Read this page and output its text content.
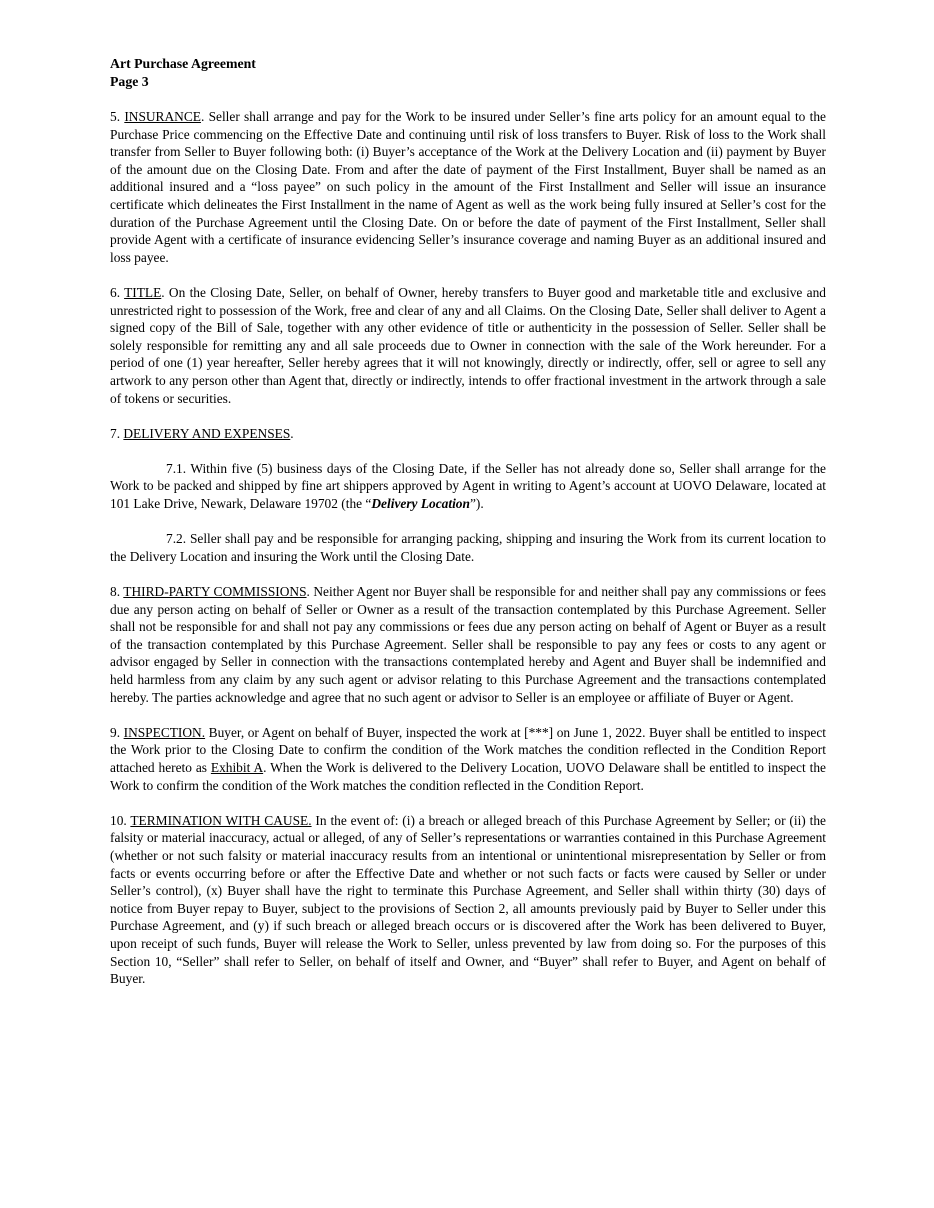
Art Purchase Agreement
Page 3

5. INSURANCE. Seller shall arrange and pay for the Work to be insured under Seller’s fine arts policy for an amount equal to the Purchase Price commencing on the Effective Date and continuing until risk of loss transfers to Buyer. Risk of loss to the Work shall transfer from Seller to Buyer following both: (i) Buyer’s acceptance of the Work at the Delivery Location and (ii) payment by Buyer of the amount due on the Closing Date. From and after the date of payment of the First Installment, Buyer shall be named as an additional insured and a “loss payee” on such policy in the amount of the First Installment and Seller will issue an insurance certificate which delineates the First Installment in the name of Agent as well as the work being fully insured at Seller’s cost for the duration of the Purchase Agreement until the Closing Date. On or before the date of payment of the First Installment, Seller shall provide Agent with a certificate of insurance evidencing Seller’s insurance coverage and naming Buyer as an additional insured and loss payee.

6. TITLE. On the Closing Date, Seller, on behalf of Owner, hereby transfers to Buyer good and marketable title and exclusive and unrestricted right to possession of the Work, free and clear of any and all Claims. On the Closing Date, Seller shall deliver to Agent a signed copy of the Bill of Sale, together with any other evidence of title or authenticity in the possession of Seller. Seller shall be solely responsible for remitting any and all sale proceeds due to Owner in connection with the sale of the Work hereunder. For a period of one (1) year hereafter, Seller hereby agrees that it will not knowingly, directly or indirectly, offer, sell or agree to sell any artwork to any person other than Agent that, directly or indirectly, intends to offer fractional investment in the artwork through a sale of tokens or securities.

7. DELIVERY AND EXPENSES.

7.1. Within five (5) business days of the Closing Date, if the Seller has not already done so, Seller shall arrange for the Work to be packed and shipped by fine art shippers approved by Agent in writing to Agent’s account at UOVO Delaware, located at 101 Lake Drive, Newark, Delaware 19702 (the “Delivery Location”).

7.2. Seller shall pay and be responsible for arranging packing, shipping and insuring the Work from its current location to the Delivery Location and insuring the Work until the Closing Date.

8. THIRD-PARTY COMMISSIONS. Neither Agent nor Buyer shall be responsible for and neither shall pay any commissions or fees due any person acting on behalf of Seller or Owner as a result of the transaction contemplated by this Purchase Agreement. Seller shall not be responsible for and shall not pay any commissions or fees due any person acting on behalf of Agent or Buyer as a result of the transaction contemplated by this Purchase Agreement. Seller shall be responsible to pay any fees or costs to any agent or advisor engaged by Seller in connection with the transactions contemplated hereby and Agent and Buyer shall be indemnified and held harmless from any claim by any such agent or advisor relating to this Purchase Agreement and the transactions contemplated hereby. The parties acknowledge and agree that no such agent or advisor to Seller is an employee or affiliate of Buyer or Agent.

9. INSPECTION. Buyer, or Agent on behalf of Buyer, inspected the work at [***] on June 1, 2022. Buyer shall be entitled to inspect the Work prior to the Closing Date to confirm the condition of the Work matches the condition reflected in the Condition Report attached hereto as Exhibit A. When the Work is delivered to the Delivery Location, UOVO Delaware shall be entitled to inspect the Work to confirm the condition of the Work matches the condition reflected in the Condition Report.

10. TERMINATION WITH CAUSE. In the event of: (i) a breach or alleged breach of this Purchase Agreement by Seller; or (ii) the falsity or material inaccuracy, actual or alleged, of any of Seller’s representations or warranties contained in this Purchase Agreement (whether or not such falsity or material inaccuracy results from an intentional or unintentional misrepresentation by Seller or from facts or events occurring before or after the Effective Date and whether or not such facts or facts were caused by Seller or under Seller’s control), (x) Buyer shall have the right to terminate this Purchase Agreement, and Seller shall within thirty (30) days of notice from Buyer repay to Buyer, subject to the provisions of Section 2, all amounts previously paid by Buyer to Seller under this Purchase Agreement, and (y) if such breach or alleged breach occurs or is discovered after the Work has been delivered to Buyer, upon receipt of such funds, Buyer will release the Work to Seller, unless prevented by law from doing so. For the purposes of this Section 10, “Seller” shall refer to Seller, on behalf of itself and Owner, and “Buyer” shall refer to Buyer, and Agent on behalf of Buyer.
